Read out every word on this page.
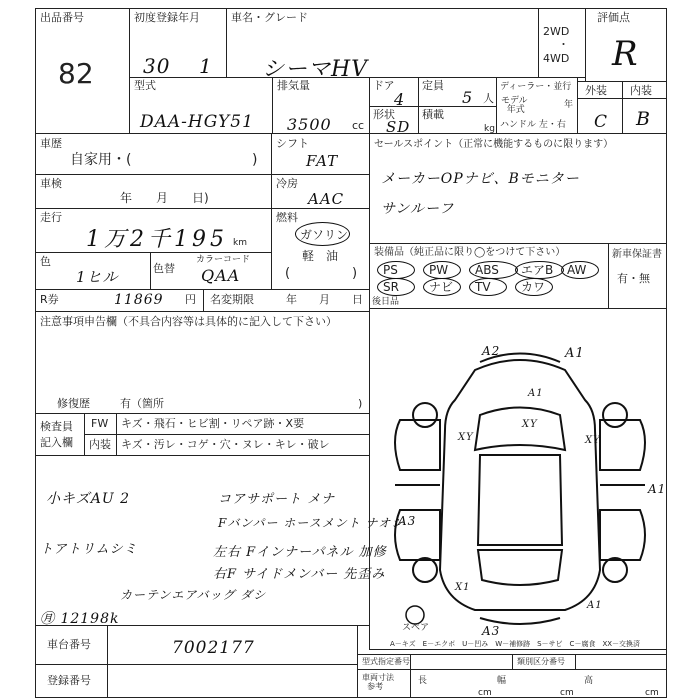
出品番号
82
初度登録年月
30 1
車名・グレード
シーマHV
2WD
・
4WD
評価点
R
型式
DAA-HGY51
排気量
3500 cc
ドア
4
形状
SD
定員
5 人
積載
kg
ディーラー・並行
モデル
年式	年
ハンドル 左・右
外装 内装
C B
車歴
自家用・(	)
車検
年　　月　　日)
走行
1万2千195 km
色
1ヒル	色替
カラーコード
QAA
シフト
FAT
冷房
AAC
燃料
ガソリン
軽　油
(	)
R券	11869 円 名変期限	年　　月　　日
セールスポイント（正常に機能するものに限ります）
メーカーOPナビ、Bモニター
サンルーフ
装備品（純正品に限り◯をつけて下さい）
PS	PW ABS エアB AW
SR	ナビ TV	カワ
後日品
新車保証書
有・無
注意事項申告欄（不具合内容等は具体的に記入して下さい）
修復歴	有（箇所	)
検査員
記入欄
FW キズ・飛石・ヒビ割・リペア跡・X要
内装 キズ・汚レ・コゲ・穴・ヌレ・キレ・破レ
小キズAU 2	コアサポート メナ
Fバンパー ホースメント ナオシ
トアトリムシミ	左右 Fインナーパネル 加修
右F サイドメンバー 先歪み
カーテンエアバッグ ダシ
㊊ 12198k
A2	A1
A1
XY
XY
XY
A1
A3
A3
X1
A1
スペア
A－キズ　E－エクボ　U－凹み　W－補修跡　S－サビ　C－腐食　XX－交換済
車台番号	7002177
登録番号
型式指定番号	類別区分番号
車両寸法
参考
長
cm
幅
cm
高
cm
